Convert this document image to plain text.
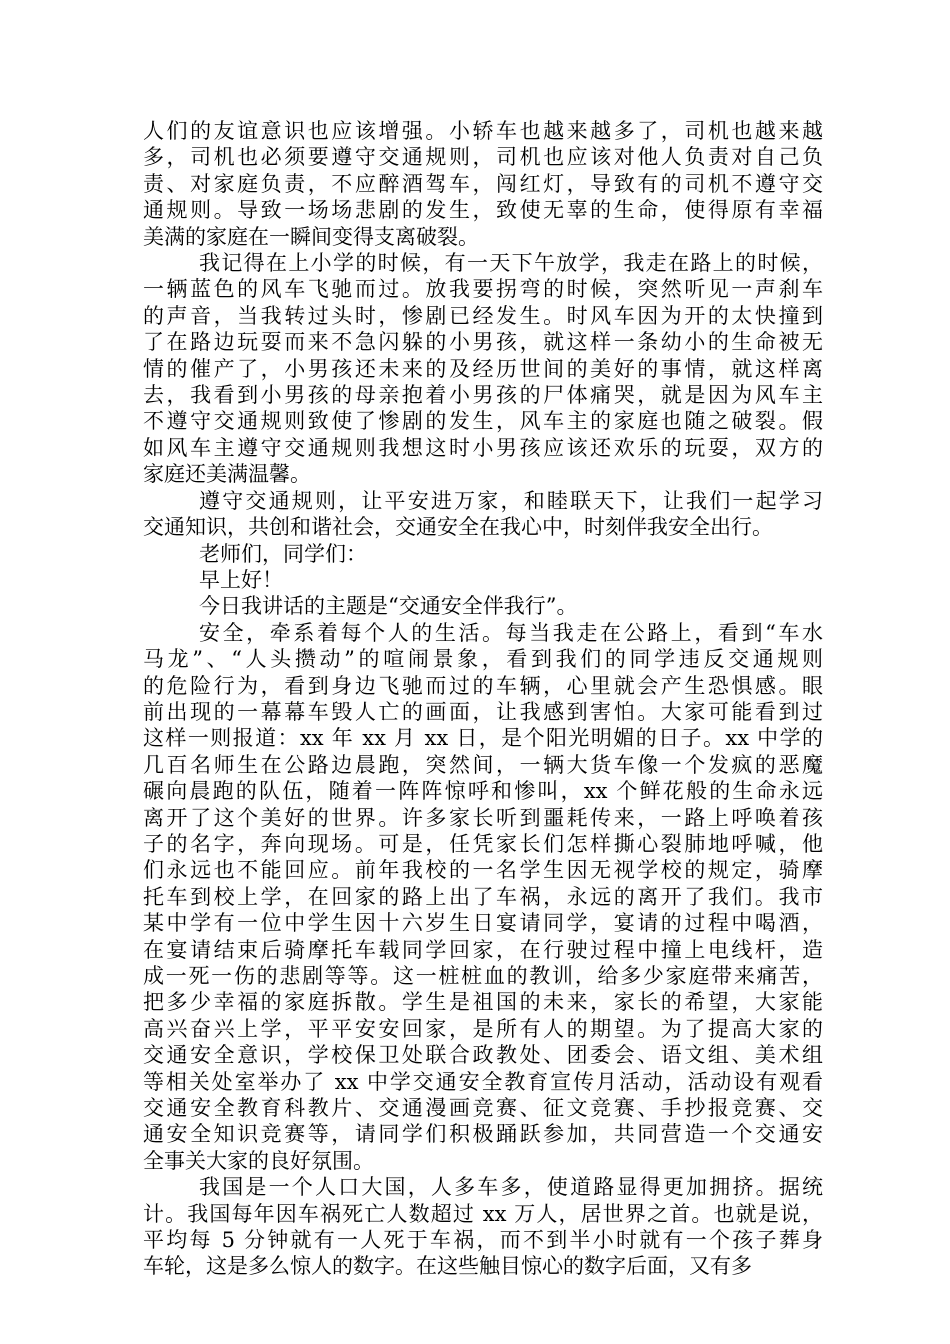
人们的友谊意识也应该增强。小轿车也越来越多了，司机也越来越
多，司机也必须要遵守交通规则，司机也应该对他人负责对自己负
责、对家庭负责，不应醉酒驾车，闯红灯，导致有的司机不遵守交
通规则。导致一场场悲剧的发生，致使无辜的生命，使得原有幸福
美满的家庭在一瞬间变得支离破裂。
我记得在上小学的时候，有一天下午放学，我走在路上的时候，
一辆蓝色的风车飞驰而过。放我要拐弯的时候，突然听见一声刹车
的声音，当我转过头时，惨剧已经发生。时风车因为开的太快撞到
了在路边玩耍而来不急闪躲的小男孩，就这样一条幼小的生命被无
情的催产了，小男孩还未来的及经历世间的美好的事情，就这样离
去，我看到小男孩的母亲抱着小男孩的尸体痛哭，就是因为风车主
不遵守交通规则致使了惨剧的发生，风车主的家庭也随之破裂。假
如风车主遵守交通规则我想这时小男孩应该还欢乐的玩耍，双方的
家庭还美满温馨。
遵守交通规则，让平安进万家，和睦联天下，让我们一起学习
交通知识，共创和谐社会，交通安全在我心中，时刻伴我安全出行。
老师们，同学们：
早上好！
今日我讲话的主题是“交通安全伴我行”。
安全，牵系着每个人的生活。每当我走在公路上，看到“车水
马龙”、“人头攒动”的喧闹景象，看到我们的同学违反交通规则
的危险行为，看到身边飞驰而过的车辆，心里就会产生恐惧感。眼
前出现的一幕幕车毁人亡的画面，让我感到害怕。大家可能看到过
这样一则报道：xx 年 xx 月 xx 日，是个阳光明媚的日子。xx 中学的
几百名师生在公路边晨跑，突然间，一辆大货车像一个发疯的恶魔
碾向晨跑的队伍，随着一阵阵惊呼和惨叫，xx 个鲜花般的生命永远
离开了这个美好的世界。许多家长听到噩耗传来，一路上呼唤着孩
子的名字，奔向现场。可是，任凭家长们怎样撕心裂肺地呼喊，他
们永远也不能回应。前年我校的一名学生因无视学校的规定，骑摩
托车到校上学，在回家的路上出了车祸，永远的离开了我们。我市
某中学有一位中学生因十六岁生日宴请同学，宴请的过程中喝酒，
在宴请结束后骑摩托车载同学回家，在行驶过程中撞上电线杆，造
成一死一伤的悲剧等等。这一桩桩血的教训，给多少家庭带来痛苦，
把多少幸福的家庭拆散。学生是祖国的未来，家长的希望，大家能
高兴奋兴上学，平平安安回家，是所有人的期望。为了提高大家的
交通安全意识，学校保卫处联合政教处、团委会、语文组、美术组
等相关处室举办了 xx 中学交通安全教育宣传月活动，活动设有观看
交通安全教育科教片、交通漫画竞赛、征文竞赛、手抄报竞赛、交
通安全知识竞赛等，请同学们积极踊跃参加，共同营造一个交通安
全事关大家的良好氛围。
我国是一个人口大国，人多车多，使道路显得更加拥挤。据统
计。我国每年因车祸死亡人数超过 xx 万人，居世界之首。也就是说，
平均每 5 分钟就有一人死于车祸，而不到半小时就有一个孩子葬身
车轮，这是多么惊人的数字。在这些触目惊心的数字后面，又有多
